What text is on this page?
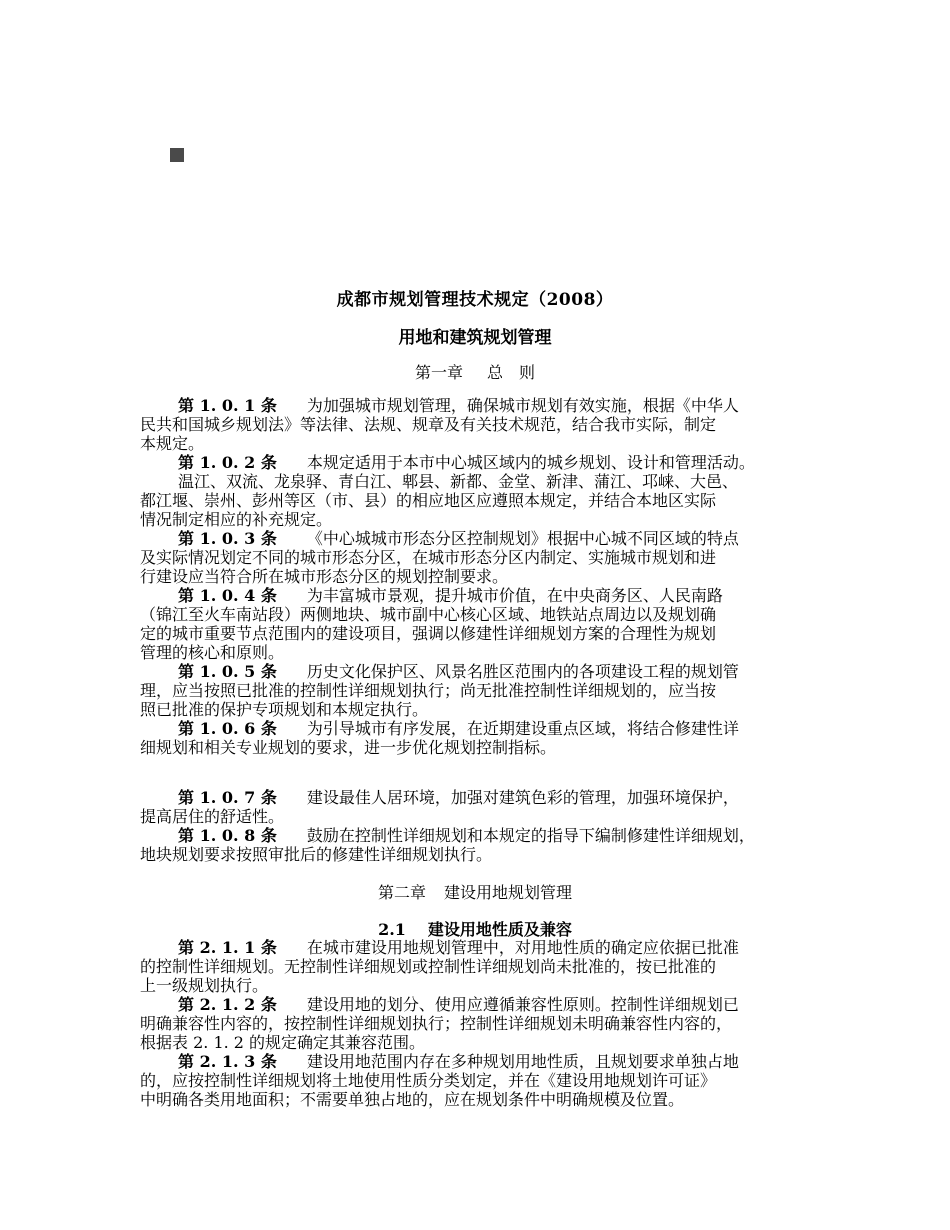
成都市规划管理技术规定（2008）
用地和建筑规划管理
第一章 总　则
第 1. 0. 1 条 为加强城市规划管理，确保城市规划有效实施，根据《中华人
民共和国城乡规划法》等法律、法规、规章及有关技术规范，结合我市实际，制定
本规定。
第 1. 0. 2 条 本规定适用于本市中心城区域内的城乡规划、设计和管理活动。
温江、双流、龙泉驿、青白江、郫县、新都、金堂、新津、蒲江、邛崃、大邑、
都江堰、崇州、彭州等区（市、县）的相应地区应遵照本规定，并结合本地区实际
情况制定相应的补充规定。
第 1. 0. 3 条 《中心城城市形态分区控制规划》根据中心城不同区域的特点
及实际情况划定不同的城市形态分区，在城市形态分区内制定、实施城市规划和进
行建设应当符合所在城市形态分区的规划控制要求。
第 1. 0. 4 条 为丰富城市景观，提升城市价值，在中央商务区、人民南路
（锦江至火车南站段）两侧地块、城市副中心核心区域、地铁站点周边以及规划确
定的城市重要节点范围内的建设项目，强调以修建性详细规划方案的合理性为规划
管理的核心和原则。
第 1. 0. 5 条 历史文化保护区、风景名胜区范围内的各项建设工程的规划管
理，应当按照已批准的控制性详细规划执行；尚无批准控制性详细规划的，应当按
照已批准的保护专项规划和本规定执行。
第 1. 0. 6 条 为引导城市有序发展，在近期建设重点区域，将结合修建性详
细规划和相关专业规划的要求，进一步优化规划控制指标。
第 1. 0. 7 条 建设最佳人居环境，加强对建筑色彩的管理，加强环境保护，
提高居住的舒适性。
第 1. 0. 8 条 鼓励在控制性详细规划和本规定的指导下编制修建性详细规划，
地块规划要求按照审批后的修建性详细规划执行。
第二章 建设用地规划管理
2.1 建设用地性质及兼容
第 2. 1. 1 条 在城市建设用地规划管理中，对用地性质的确定应依据已批准
的控制性详细规划。无控制性详细规划或控制性详细规划尚未批准的，按已批准的
上一级规划执行。
第 2. 1. 2 条 建设用地的划分、使用应遵循兼容性原则。控制性详细规划已
明确兼容性内容的，按控制性详细规划执行；控制性详细规划未明确兼容性内容的，
根据表 2. 1. 2 的规定确定其兼容范围。
第 2. 1. 3 条 建设用地范围内存在多种规划用地性质，且规划要求单独占地
的，应按控制性详细规划将土地使用性质分类划定，并在《建设用地规划许可证》
中明确各类用地面积；不需要单独占地的，应在规划条件中明确规模及位置。
